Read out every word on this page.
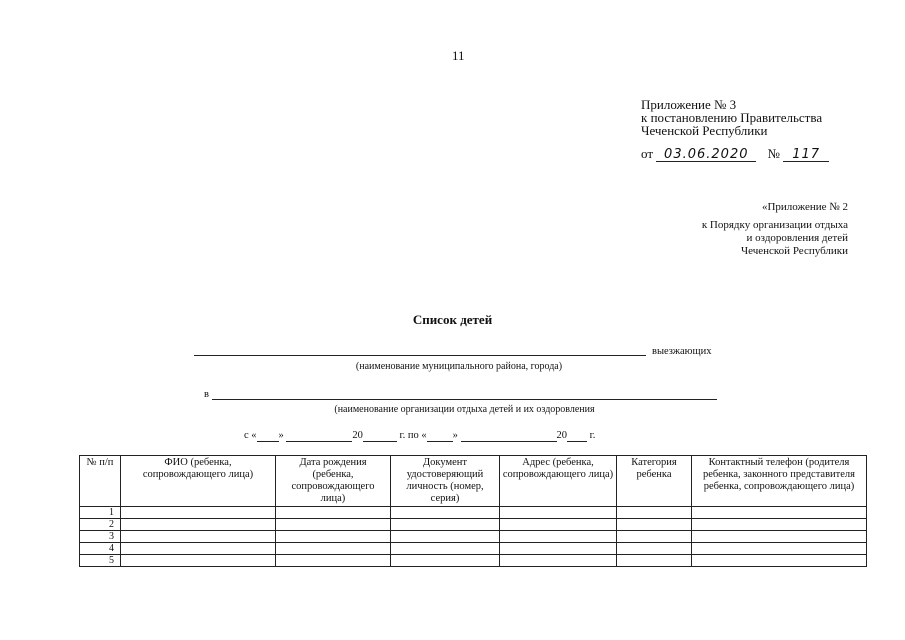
11
Приложение № 3
к постановлению Правительства
Чеченской Республики
от 03.06.2020 № 117
«Приложение № 2
к Порядку организации отдыха
и оздоровления детей
Чеченской Республики
Список детей
выезжающих
(наименование муниципального района, города)
в
(наименование организации отдыха детей и их оздоровления
с « »	20	г. по « »	20 г.
№ п/п	ФИО (ребенка, сопровождающего лица)	Дата рождения (ребенка, сопровождающего лица)	Документ удостоверяющий личность (номер, серия)	Адрес (ребенка, сопровождающего лица)	Категория ребенка	Контактный телефон (родителя ребенка, законного представителя ребенка, сопровождающего лица)
1						
2						
3						
4						
5						
